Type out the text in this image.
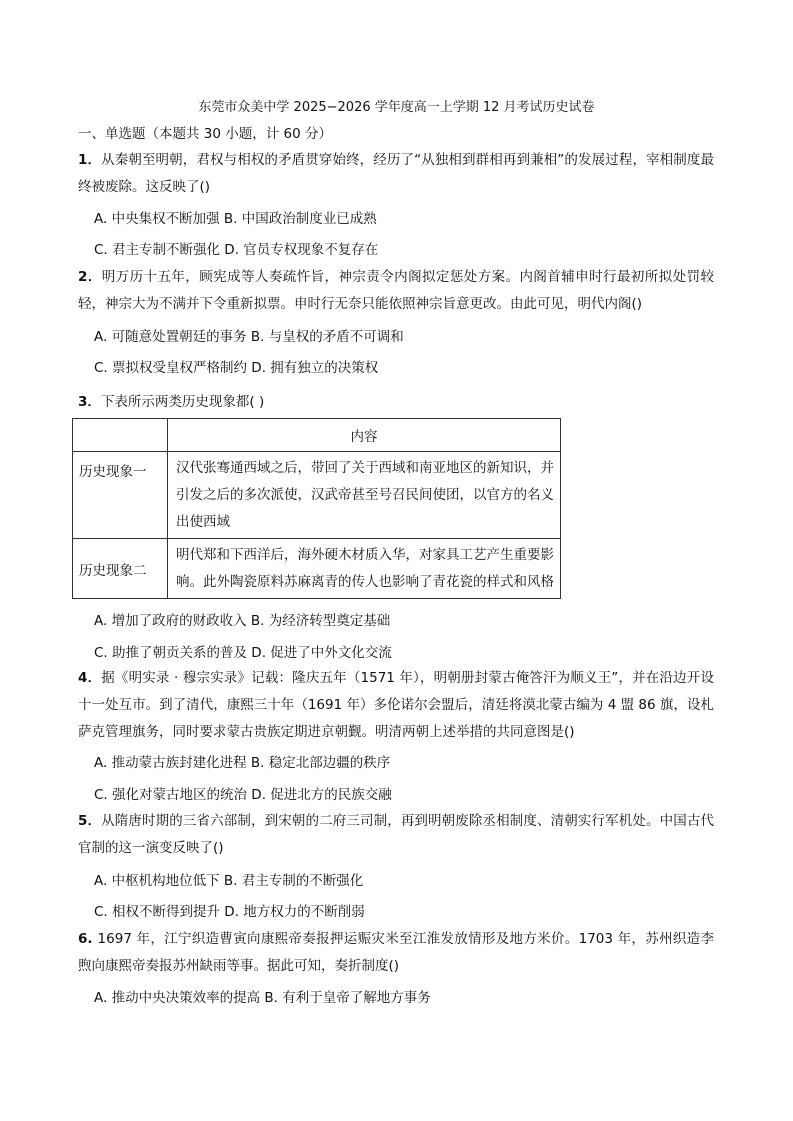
东莞市众美中学 2025−2026 学年度高一上学期 12 月考试历史试卷
一、单选题（本题共 30 小题，计 60 分）
1．从秦朝至明朝，君权与相权的矛盾贯穿始终，经历了“从独相到群相再到兼相”的发展过程，宰相制度最终被废除。这反映了()
A. 中央集权不断加强 B. 中国政治制度业已成熟
C. 君主专制不断强化 D. 官员专权现象不复存在
2．明万历十五年，顾宪成等人奏疏忤旨，神宗责令内阁拟定惩处方案。内阁首辅申时行最初所拟处罚较轻，神宗大为不满并下令重新拟票。申时行无奈只能依照神宗旨意更改。由此可见，明代内阁()
A. 可随意处置朝廷的事务 B. 与皇权的矛盾不可调和
C. 票拟权受皇权严格制约 D. 拥有独立的决策权
3．下表所示两类历史现象都( )
	内容
历史现象一	汉代张骞通西域之后，带回了关于西域和南亚地区的新知识，并引发之后的多次派使，汉武帝甚至号召民间使团，以官方的名义出使西域
历史现象二	明代郑和下西洋后，海外硬木材质入华，对家具工艺产生重要影响。此外陶瓷原料苏麻离青的传人也影响了青花瓷的样式和风格
A. 增加了政府的财政收入 B. 为经济转型奠定基础
C. 助推了朝贡关系的普及 D. 促进了中外文化交流
4．据《明实录 · 穆宗实录》记载：隆庆五年（1571 年），明朝册封蒙古俺答汗为顺义王”，并在沿边开设十一处互市。到了清代，康熙三十年（1691 年）多伦诺尔会盟后，清廷将漠北蒙古编为 4 盟 86 旗，设札萨克管理旗务，同时要求蒙古贵族定期进京朝觐。明清两朝上述举措的共同意图是()
A. 推动蒙古族封建化进程 B. 稳定北部边疆的秩序
C. 强化对蒙古地区的统治 D. 促进北方的民族交融
5．从隋唐时期的三省六部制，到宋朝的二府三司制，再到明朝废除丞相制度、清朝实行军机处。中国古代官制的这一演变反映了()
A. 中枢机构地位低下 B. 君主专制的不断强化
C. 相权不断得到提升 D. 地方权力的不断削弱
6. 1697 年，江宁织造曹寅向康熙帝奏报押运赈灾米至江淮发放情形及地方米价。1703 年，苏州织造李煦向康熙帝奏报苏州缺雨等事。据此可知，奏折制度()
A. 推动中央决策效率的提高 B. 有利于皇帝了解地方事务
